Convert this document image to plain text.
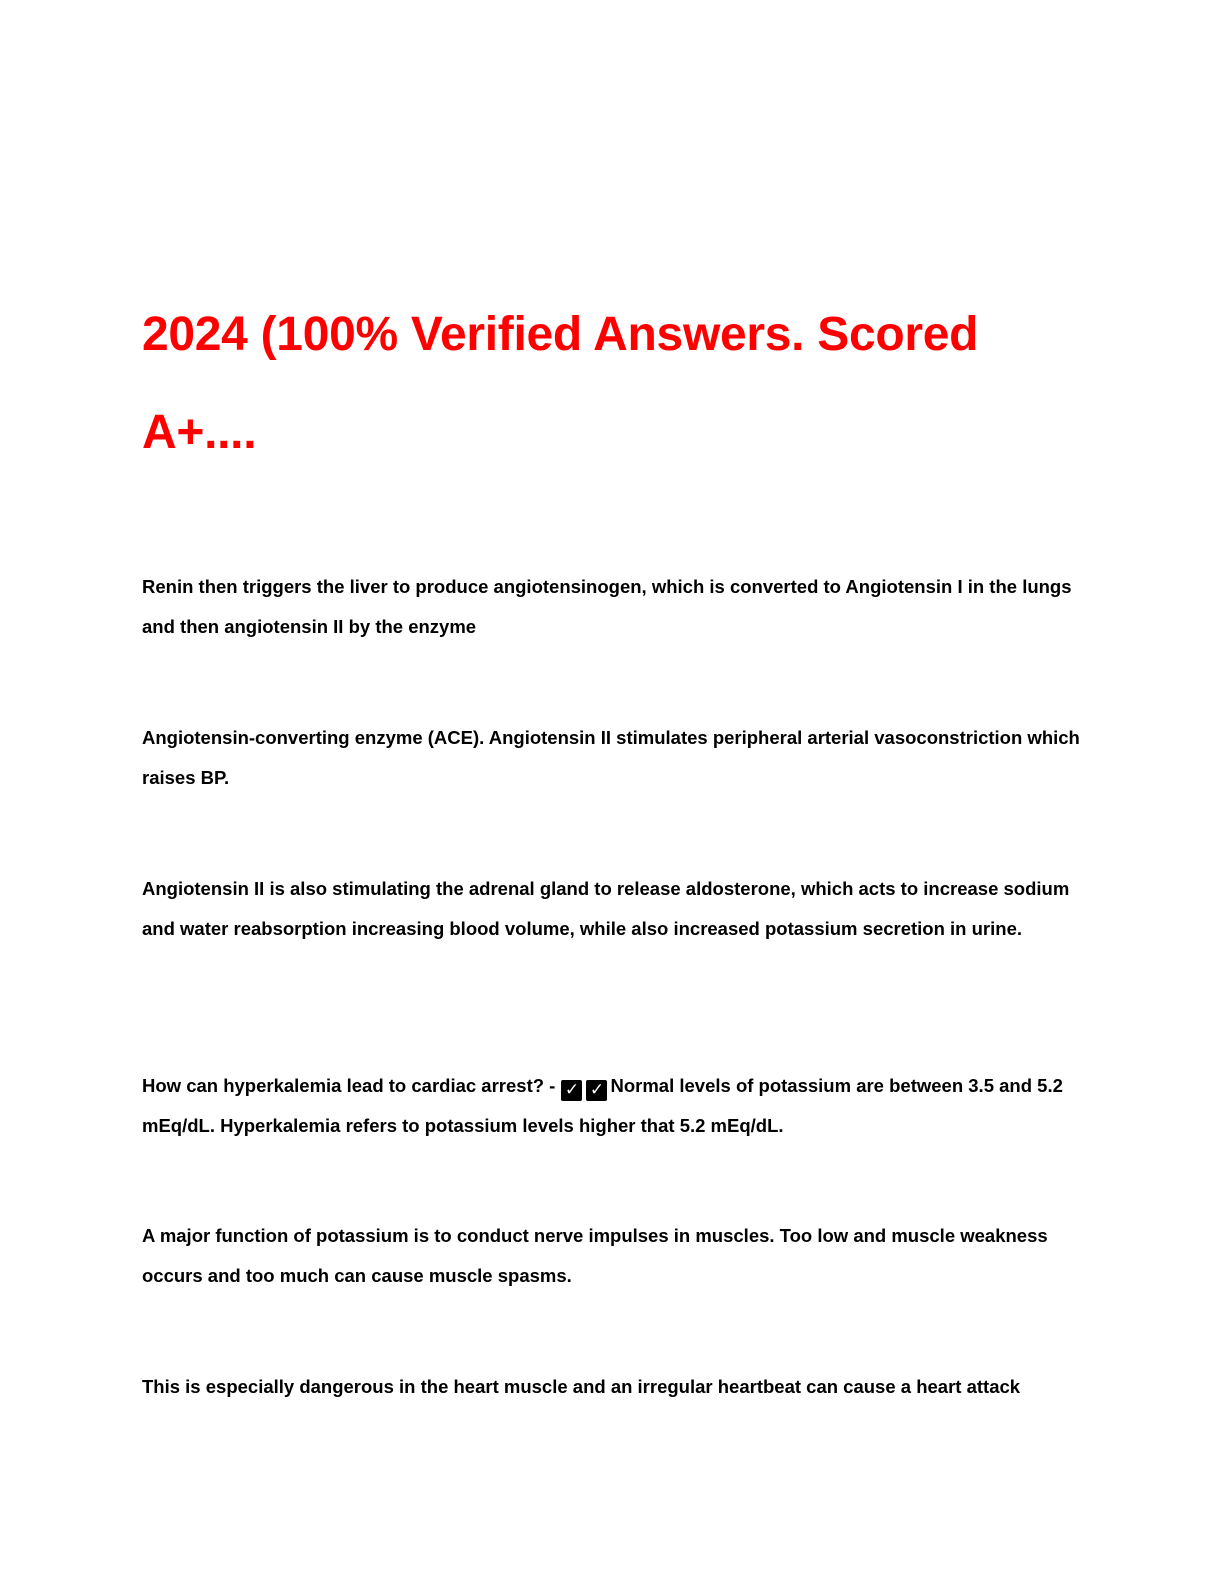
2024 (100% Verified Answers. Scored A+....

Renin then triggers the liver to produce angiotensinogen, which is converted to Angiotensin I in the lungs and then angiotensin II by the enzyme

Angiotensin-converting enzyme (ACE). Angiotensin II stimulates peripheral arterial vasoconstriction which raises BP.

Angiotensin II is also stimulating the adrenal gland to release aldosterone, which acts to increase sodium and water reabsorption increasing blood volume, while also increased potassium secretion in urine.

How can hyperkalemia lead to cardiac arrest? - ✓ ✓ Normal levels of potassium are between 3.5 and 5.2 mEq/dL. Hyperkalemia refers to potassium levels higher that 5.2 mEq/dL.

A major function of potassium is to conduct nerve impulses in muscles. Too low and muscle weakness occurs and too much can cause muscle spasms.

This is especially dangerous in the heart muscle and an irregular heartbeat can cause a heart attack
